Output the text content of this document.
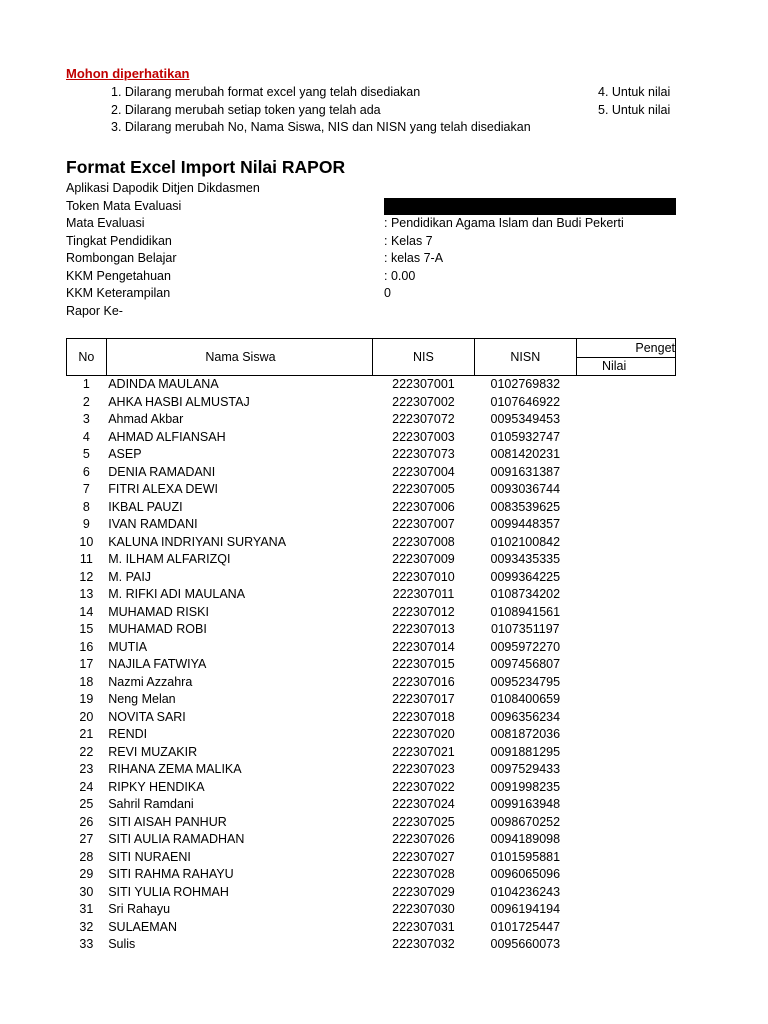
Mohon diperhatikan
1. Dilarang merubah format excel yang telah disediakan
2. Dilarang merubah setiap token yang telah ada
3. Dilarang merubah No, Nama Siswa, NIS dan NISN yang telah disediakan
4. Untuk nilai
5. Untuk nilai
Format Excel Import Nilai RAPOR
Aplikasi Dapodik Ditjen Dikdasmen
Token Mata Evaluasi
Mata Evaluasi	: Pendidikan Agama Islam dan Budi Pekerti
Tingkat Pendidikan	: Kelas 7
Rombongan Belajar	: kelas 7-A
KKM Pengetahuan	: 0.00
KKM Keterampilan	0
Rapor Ke-
No	Nama Siswa	NIS	NISN	Penget
				Nilai
1	ADINDA MAULANA	222307001	0102769832	
2	AHKA HASBI ALMUSTAJ	222307002	0107646922	
3	Ahmad Akbar	222307072	0095349453	
4	AHMAD ALFIANSAH	222307003	0105932747	
5	ASEP	222307073	0081420231	
6	DENIA RAMADANI	222307004	0091631387	
7	FITRI ALEXA DEWI	222307005	0093036744	
8	IKBAL PAUZI	222307006	0083539625	
9	IVAN RAMDANI	222307007	0099448357	
10	KALUNA INDRIYANI SURYANA	222307008	0102100842	
11	M. ILHAM ALFARIZQI	222307009	0093435335	
12	M. PAIJ	222307010	0099364225	
13	M. RIFKI ADI MAULANA	222307011	0108734202	
14	MUHAMAD RISKI	222307012	0108941561	
15	MUHAMAD ROBI	222307013	0107351197	
16	MUTIA	222307014	0095972270	
17	NAJILA FATWIYA	222307015	0097456807	
18	Nazmi Azzahra	222307016	0095234795	
19	Neng Melan	222307017	0108400659	
20	NOVITA SARI	222307018	0096356234	
21	RENDI	222307020	0081872036	
22	REVI MUZAKIR	222307021	0091881295	
23	RIHANA ZEMA MALIKA	222307023	0097529433	
24	RIPKY HENDIKA	222307022	0091998235	
25	Sahril Ramdani	222307024	0099163948	
26	SITI AISAH PANHUR	222307025	0098670252	
27	SITI AULIA RAMADHAN	222307026	0094189098	
28	SITI NURAENI	222307027	0101595881	
29	SITI RAHMA RAHAYU	222307028	0096065096	
30	SITI YULIA ROHMAH	222307029	0104236243	
31	Sri Rahayu	222307030	0096194194	
32	SULAEMAN	222307031	0101725447	
33	Sulis	222307032	0095660073	
